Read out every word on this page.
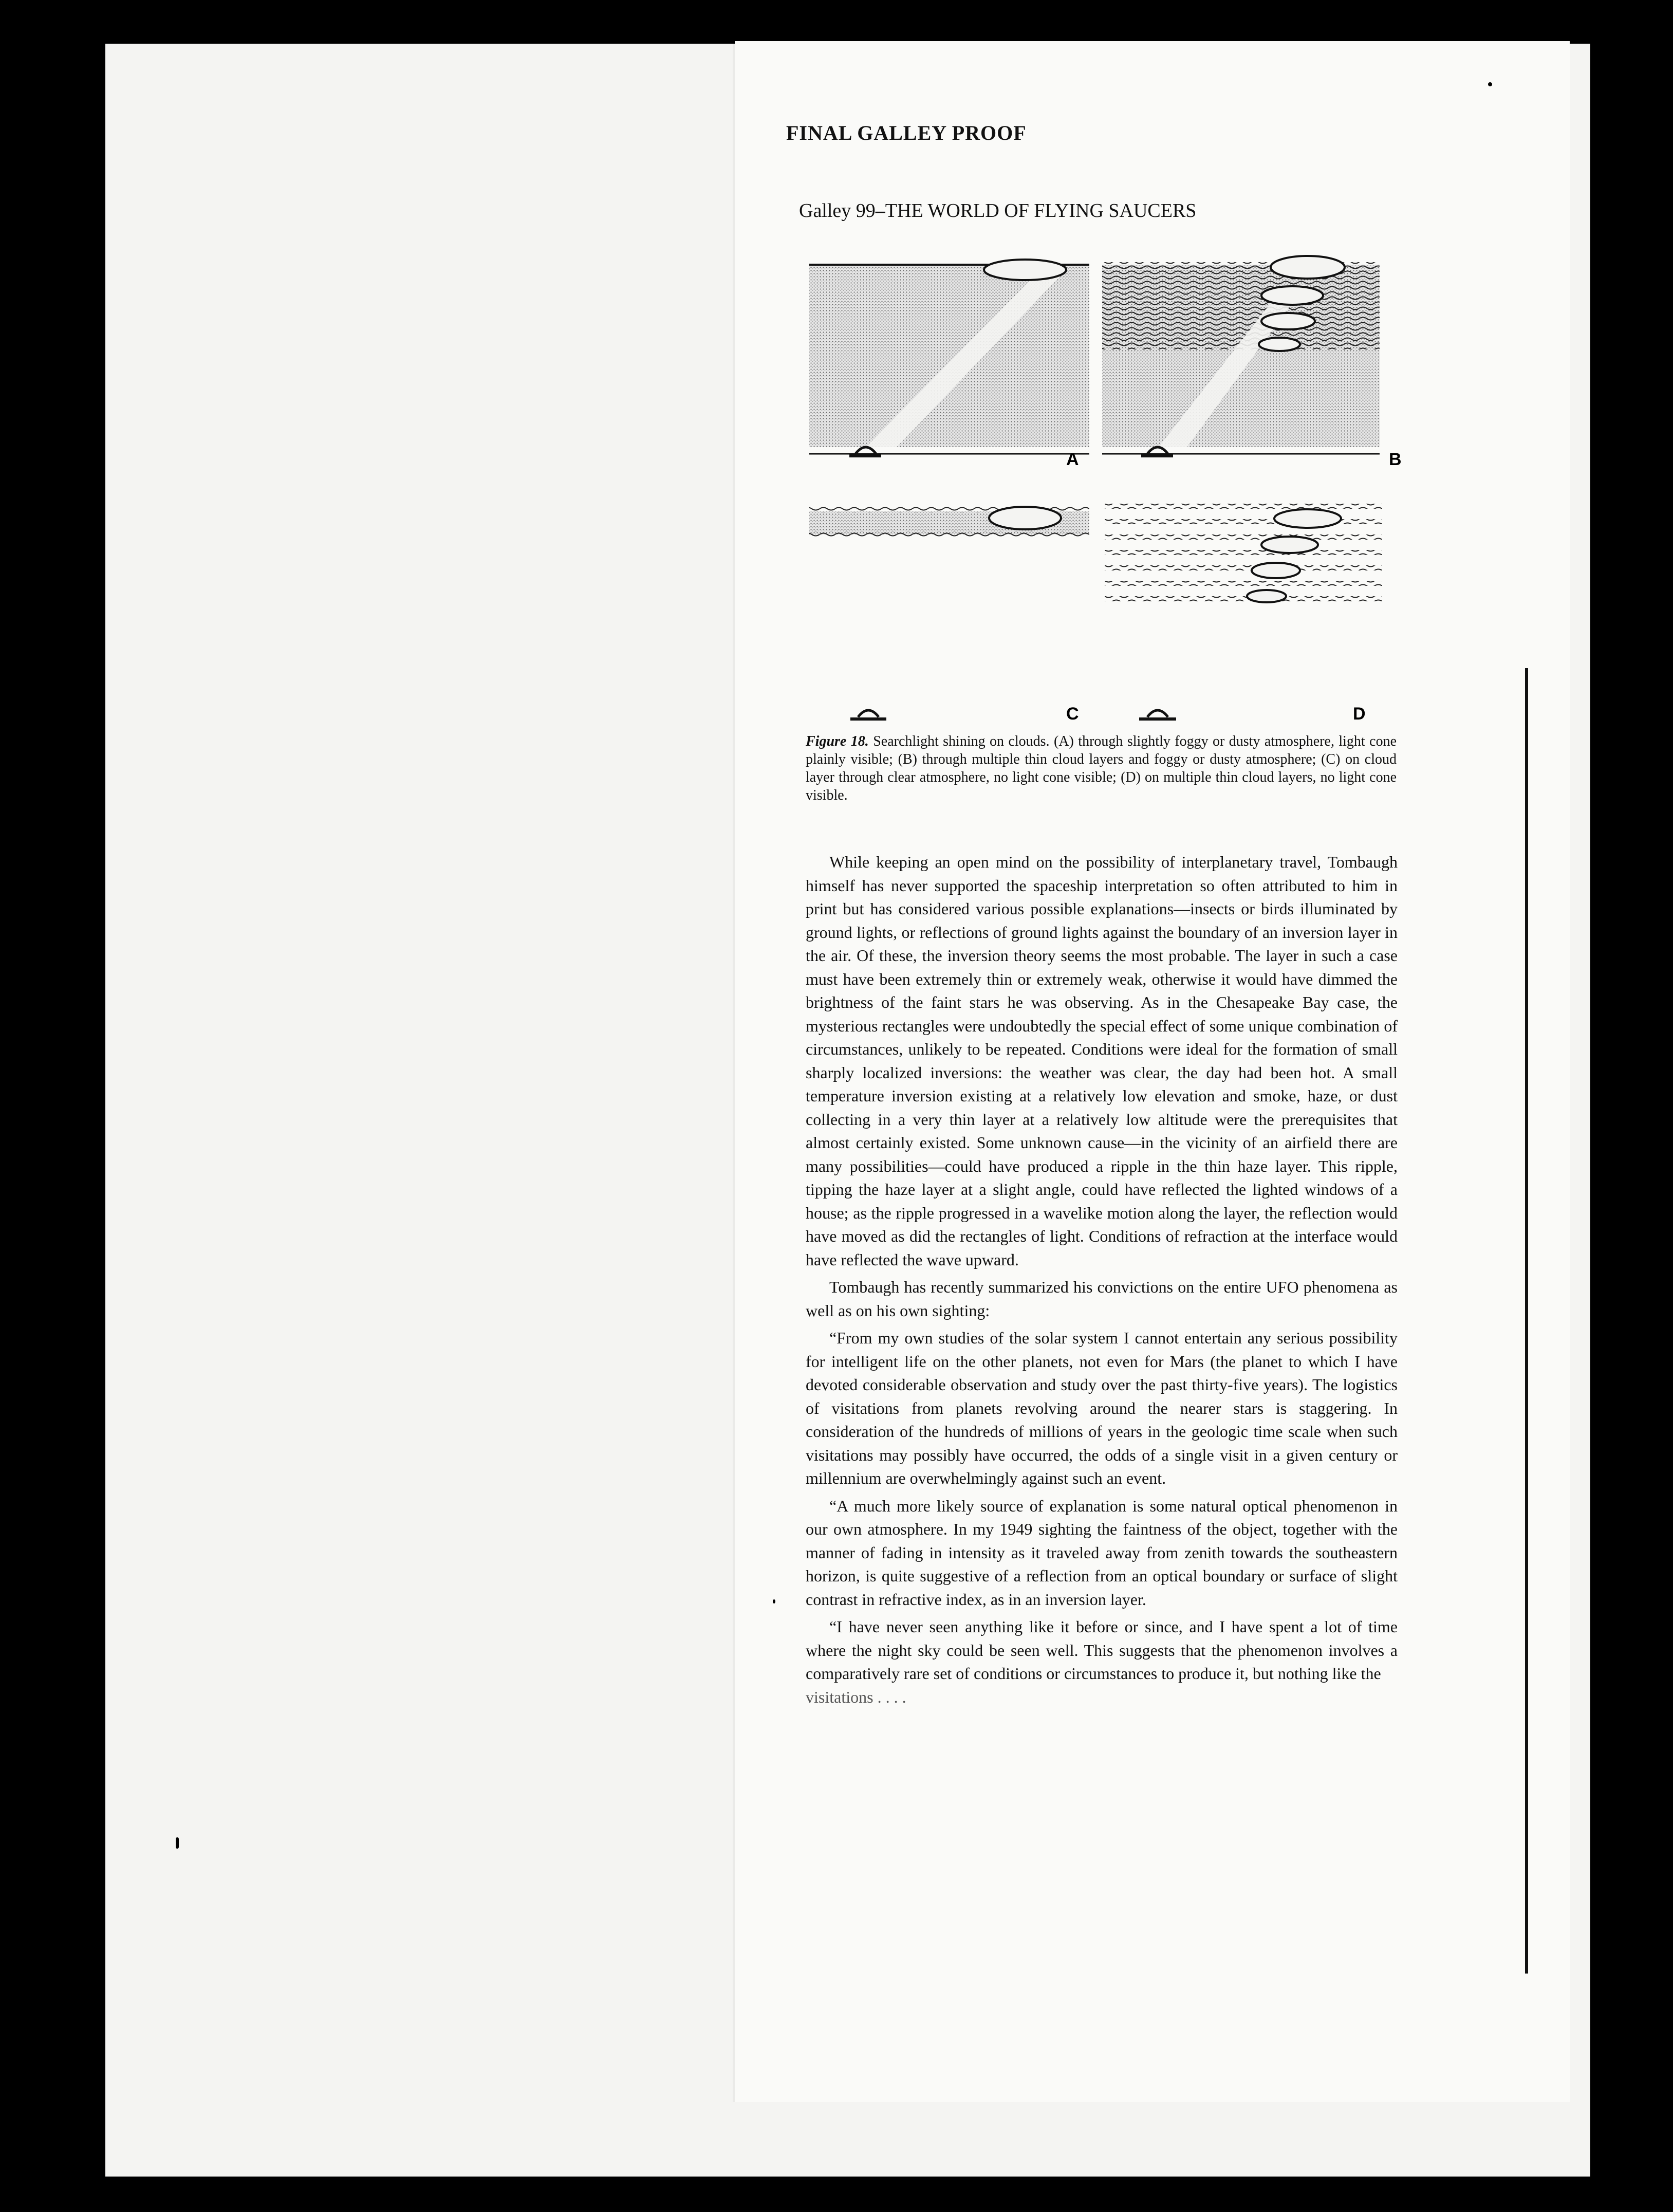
FINAL GALLEY PROOF
Galley 99–THE WORLD OF FLYING SAUCERS
A	B
C	D
Figure 18. Searchlight shining on clouds. (A) through slightly foggy or dusty atmosphere, light cone plainly visible; (B) through multiple thin cloud layers and foggy or dusty atmosphere; (C) on cloud layer through clear atmosphere, no light cone visible; (D) on multiple thin cloud layers, no light cone visible.

While keeping an open mind on the possibility of interplanetary travel, Tombaugh himself has never supported the spaceship interpretation so often attributed to him in print but has considered various possible explanations—insects or birds illuminated by ground lights, or reflections of ground lights against the boundary of an inversion layer in the air. Of these, the inversion theory seems the most probable. The layer in such a case must have been extremely thin or extremely weak, otherwise it would have dimmed the brightness of the faint stars he was observing. As in the Chesapeake Bay case, the mysterious rectangles were undoubtedly the special effect of some unique combination of circumstances, unlikely to be repeated. Conditions were ideal for the formation of small sharply localized inversions: the weather was clear, the day had been hot. A small temperature inversion existing at a relatively low elevation and smoke, haze, or dust collecting in a very thin layer at a relatively low altitude were the prerequisites that almost certainly existed. Some unknown cause—in the vicinity of an airfield there are many possibilities—could have produced a ripple in the thin haze layer. This ripple, tipping the haze layer at a slight angle, could have reflected the lighted windows of a house; as the ripple progressed in a wavelike motion along the layer, the reflection would have moved as did the rectangles of light. Conditions of refraction at the interface would have reflected the wave upward.

Tombaugh has recently summarized his convictions on the entire UFO phenomena as well as on his own sighting:

“From my own studies of the solar system I cannot entertain any serious possibility for intelligent life on the other planets, not even for Mars (the planet to which I have devoted considerable observation and study over the past thirty-five years). The logistics of visitations from planets revolving around the nearer stars is staggering. In consideration of the hundreds of millions of years in the geologic time scale when such visitations may possibly have occurred, the odds of a single visit in a given century or millennium are overwhelmingly against such an event.

“A much more likely source of explanation is some natural optical phenomenon in our own atmosphere. In my 1949 sighting the faintness of the object, together with the manner of fading in intensity as it traveled away from zenith towards the southeastern horizon, is quite suggestive of a reflection from an optical boundary or surface of slight contrast in refractive index, as in an inversion layer.

“I have never seen anything like it before or since, and I have spent a lot of time where the night sky could be seen well. This suggests that the phenomenon involves a comparatively rare set of conditions or circumstances to produce it, but nothing like the

visitations . . . .
